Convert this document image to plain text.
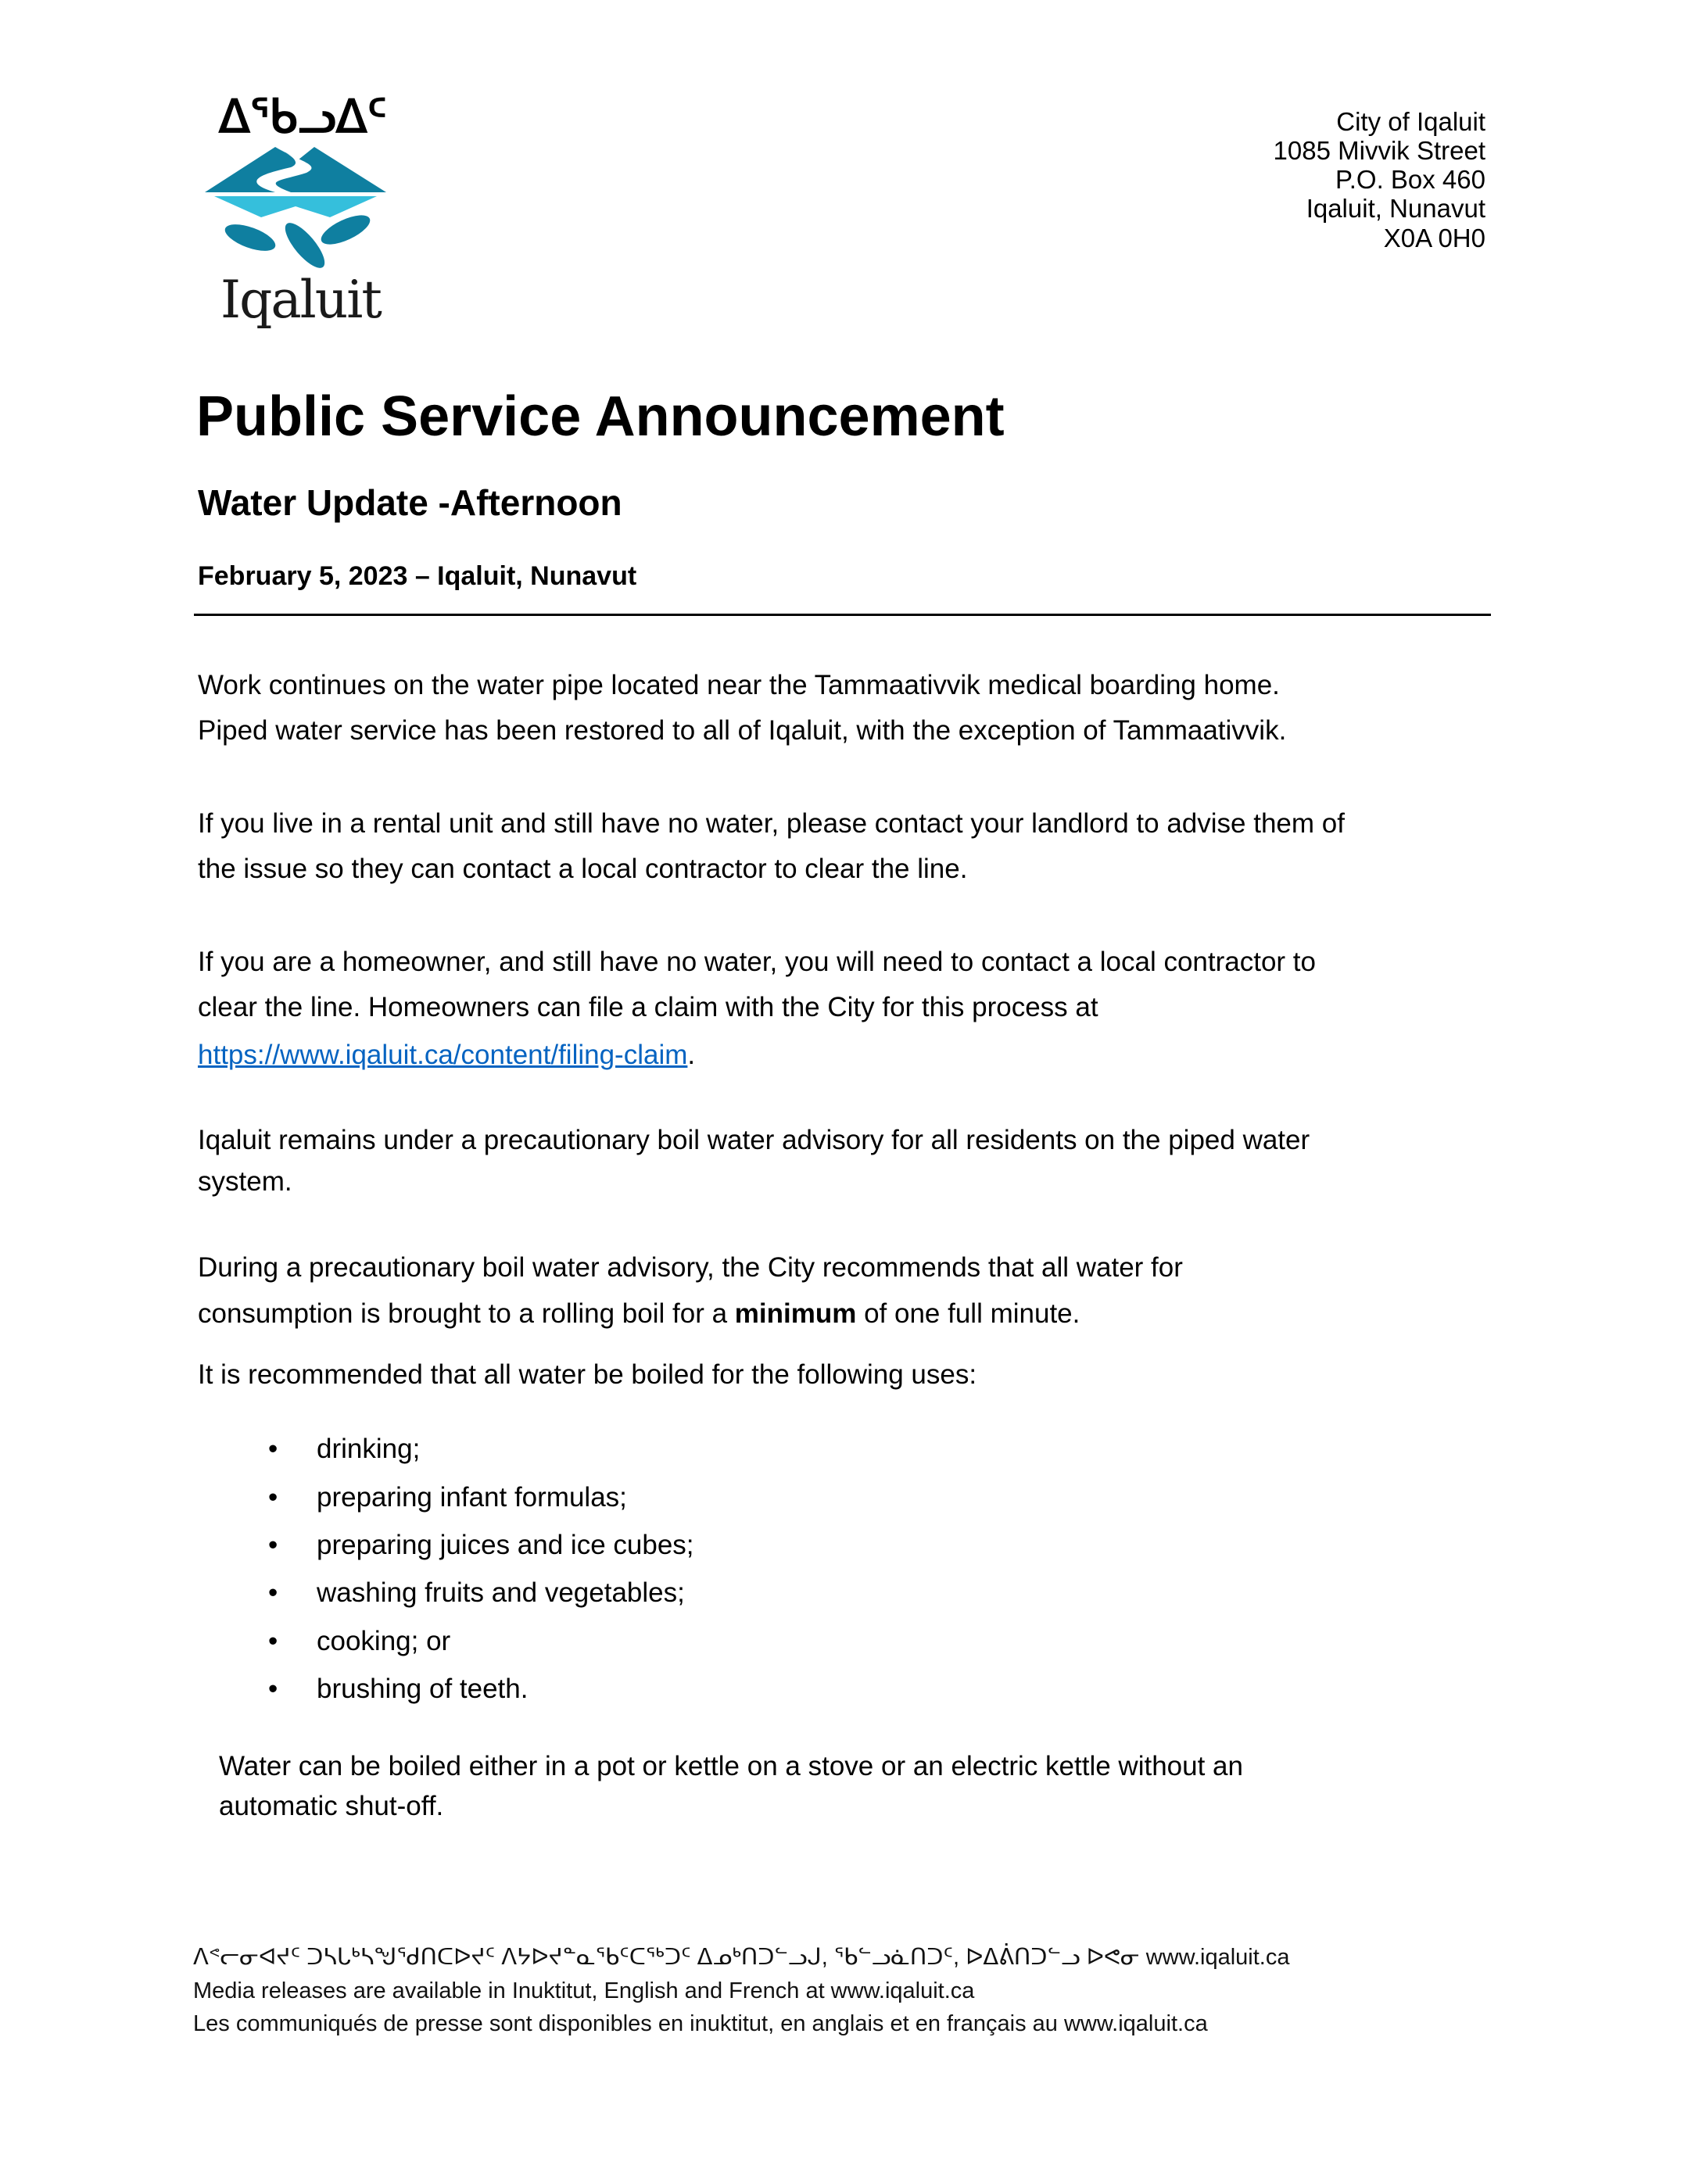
ᐃᖃᓗᐃᑦ
Iqaluit
City of Iqaluit
1085 Mivvik Street
P.O. Box 460
Iqaluit, Nunavut
X0A 0H0
Public Service Announcement
Water Update -Afternoon
February 5, 2023 – Iqaluit, Nunavut
Work continues on the water pipe located near the Tammaativvik medical boarding home.
Piped water service has been restored to all of Iqaluit, with the exception of Tammaativvik.
If you live in a rental unit and still have no water, please contact your landlord to advise them of
the issue so they can contact a local contractor to clear the line.
If you are a homeowner, and still have no water, you will need to contact a local contractor to
clear the line. Homeowners can file a claim with the City for this process at
https://www.iqaluit.ca/content/filing-claim.
Iqaluit remains under a precautionary boil water advisory for all residents on the piped water
system.
During a precautionary boil water advisory, the City recommends that all water for
consumption is brought to a rolling boil for a minimum of one full minute.
It is recommended that all water be boiled for the following uses:
• drinking;
• preparing infant formulas;
• preparing juices and ice cubes;
• washing fruits and vegetables;
• cooking; or
• brushing of teeth.
Water can be boiled either in a pot or kettle on a stove or an electric kettle without an
automatic shut-off.
ᐱᕝᓕᓂᐊᔪᑦ ᑐᓴᒐᒃᓴᖑᖁᑎᑕᐅᔪᑦ ᐱᔭᐅᔪᓐᓇᖃᑦᑕᖅᑐᑦ ᐃᓄᒃᑎᑐᓪᓗᒍ, ᖃᓪᓗᓈᑎᑐᑦ, ᐅᐃᕖᑎᑐᓪᓗ ᐅᕙᓂ www.iqaluit.ca
Media releases are available in Inuktitut, English and French at www.iqaluit.ca
Les communiqués de presse sont disponibles en inuktitut, en anglais et en français au www.iqaluit.ca
